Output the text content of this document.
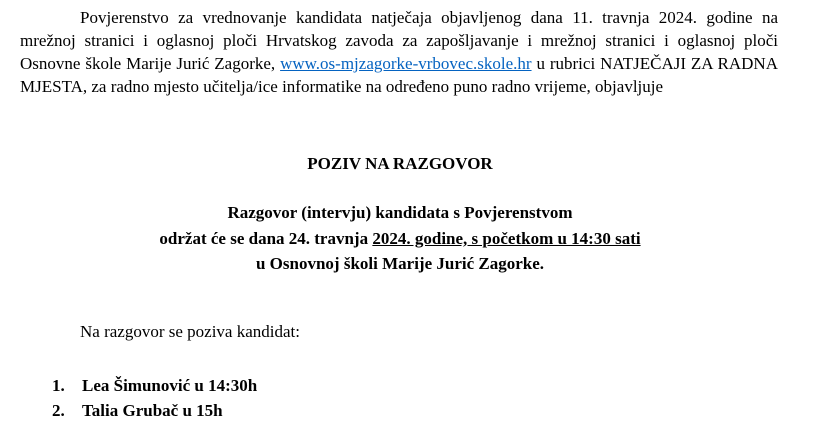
Povjerenstvo za vrednovanje kandidata natječaja objavljenog dana 11. travnja 2024. godine na mrežnoj stranici i oglasnoj ploči Hrvatskog zavoda za zapošljavanje i mrežnoj stranici i oglasnoj ploči Osnovne škole Marije Jurić Zagorke, www.os-mjzagorke-vrbovec.skole.hr u rubrici NATJEČAJI ZA RADNA MJESTA, za radno mjesto učitelja/ice informatike na određeno puno radno vrijeme, objavljuje

POZIV NA RAZGOVOR

Razgovor (intervju) kandidata s Povjerenstvom

održat će se dana 24. travnja 2024. godine, s početkom u 14:30 sati

u Osnovnoj školi Marije Jurić Zagorke.

Na razgovor se poziva kandidat:

1.	Lea Šimunović u 14:30h
2.	Talia Grubač u 15h
